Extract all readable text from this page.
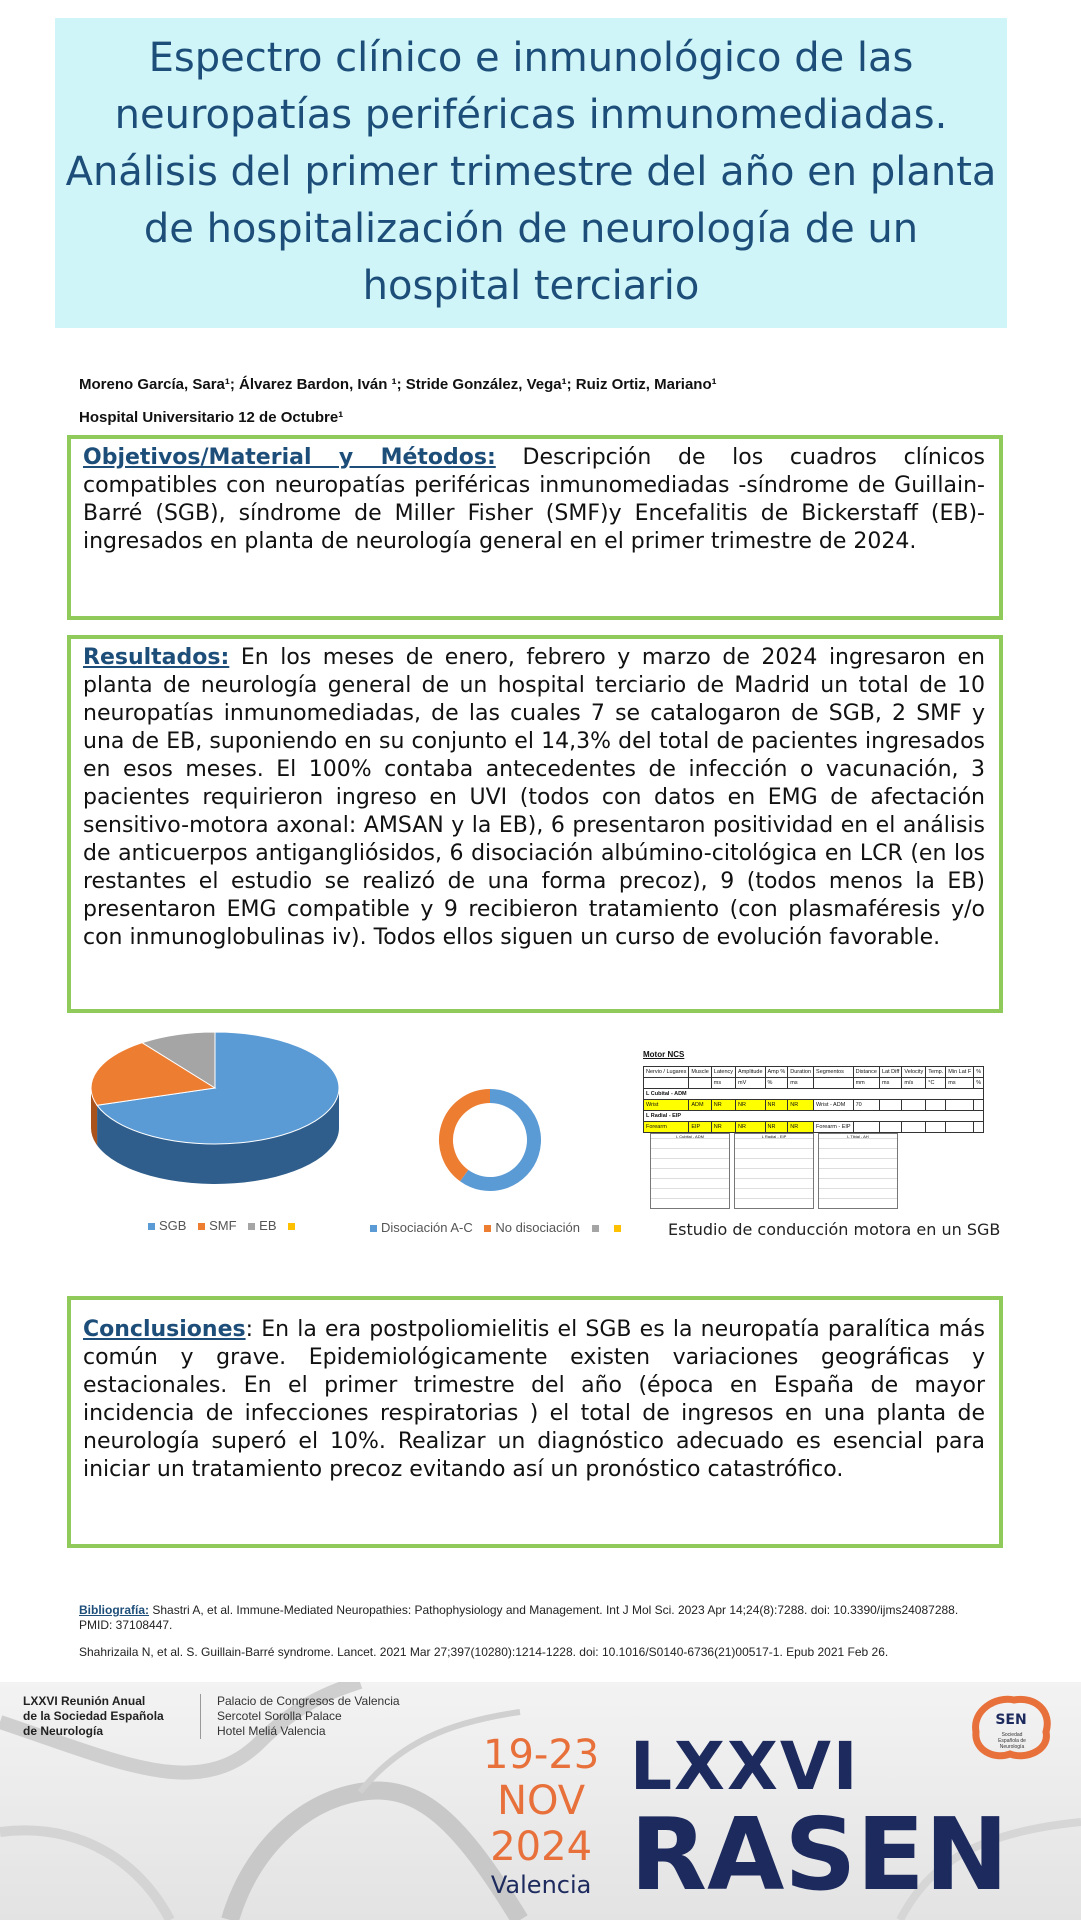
Espectro clínico e inmunológico de las neuropatías periféricas inmunomediadas. Análisis del primer trimestre del año en planta de hospitalización de neurología de un hospital terciario
Moreno García, Sara¹; Álvarez Bardon, Iván ¹; Stride González, Vega¹; Ruiz Ortiz, Mariano¹
Hospital Universitario 12 de Octubre¹

Objetivos/Material y Métodos: Descripción de los cuadros clínicos compatibles con neuropatías periféricas inmunomediadas -síndrome de Guillain-Barré (SGB), síndrome de Miller Fisher (SMF)y Encefalitis de Bickerstaff (EB)- ingresados en planta de neurología general en el primer trimestre de 2024.

Resultados: En los meses de enero, febrero y marzo de 2024 ingresaron en planta de neurología general de un hospital terciario de Madrid un total de 10 neuropatías inmunomediadas, de las cuales 7 se catalogaron de SGB, 2 SMF y una de EB, suponiendo en su conjunto el 14,3% del total de pacientes ingresados en esos meses. El 100% contaba antecedentes de infección o vacunación, 3 pacientes requirieron ingreso en UVI (todos con datos en EMG de afectación sensitivo-motora axonal: AMSAN y la EB), 6 presentaron positividad en el análisis de anticuerpos antigangliósidos, 6 disociación albúmino-citológica en LCR (en los restantes el estudio se realizó de una forma precoz), 9 (todos menos la EB) presentaron EMG compatible y 9 recibieron tratamiento (con plasmaféresis y/o con inmunoglobulinas iv). Todos ellos siguen un curso de evolución favorable.

SGB SMF EB	Disociación A-C No disociación
Motor NCS
Nervio / Lugares	Muscle	Latency	Amplitude	Amp %	Duration	Segmentos	Distance	Lat Diff	Velocity	Temp.	Min Lat F	%
		ms	mV	%	ms		mm	ms	m/s	°C	ms	%
L Cubital - ADM												
Wrist	ADM	NR	NR	NR	NR	Wrist - ADM	70					
L Radial - EIP												
Forearm	EIP	NR	NR	NR	NR	Forearm - EIP						
L Cubital - ADM	L Radial - EIP	L Tibial - AH
Estudio de conducción motora en un SGB

Conclusiones: En la era postpoliomielitis el SGB es la neuropatía paralítica más común y grave. Epidemiológicamente existen variaciones geográficas y estacionales. En el primer trimestre del año (época en España de mayor incidencia de infecciones respiratorias ) el total de ingresos en una planta de neurología superó el 10%. Realizar un diagnóstico adecuado es esencial para iniciar un tratamiento precoz evitando así un pronóstico catastrófico.

Bibliografía: Shastri A, et al. Immune-Mediated Neuropathies: Pathophysiology and Management. Int J Mol Sci. 2023 Apr 14;24(8):7288. doi: 10.3390/ijms24087288. PMID: 37108447.
Shahrizaila N, et al. S. Guillain-Barré syndrome. Lancet. 2021 Mar 27;397(10280):1214-1228. doi: 10.1016/S0140-6736(21)00517-1. Epub 2021 Feb 26.
LXXVI Reunión Anual
de la Sociedad Española
de Neurología
Palacio de Congresos de Valencia
Sercotel Sorolla Palace
Hotel Meliá Valencia
19-23
NOV
2024
Valencia
LXXVI
RASEN
SEN
Sociedad Española de Neurología
